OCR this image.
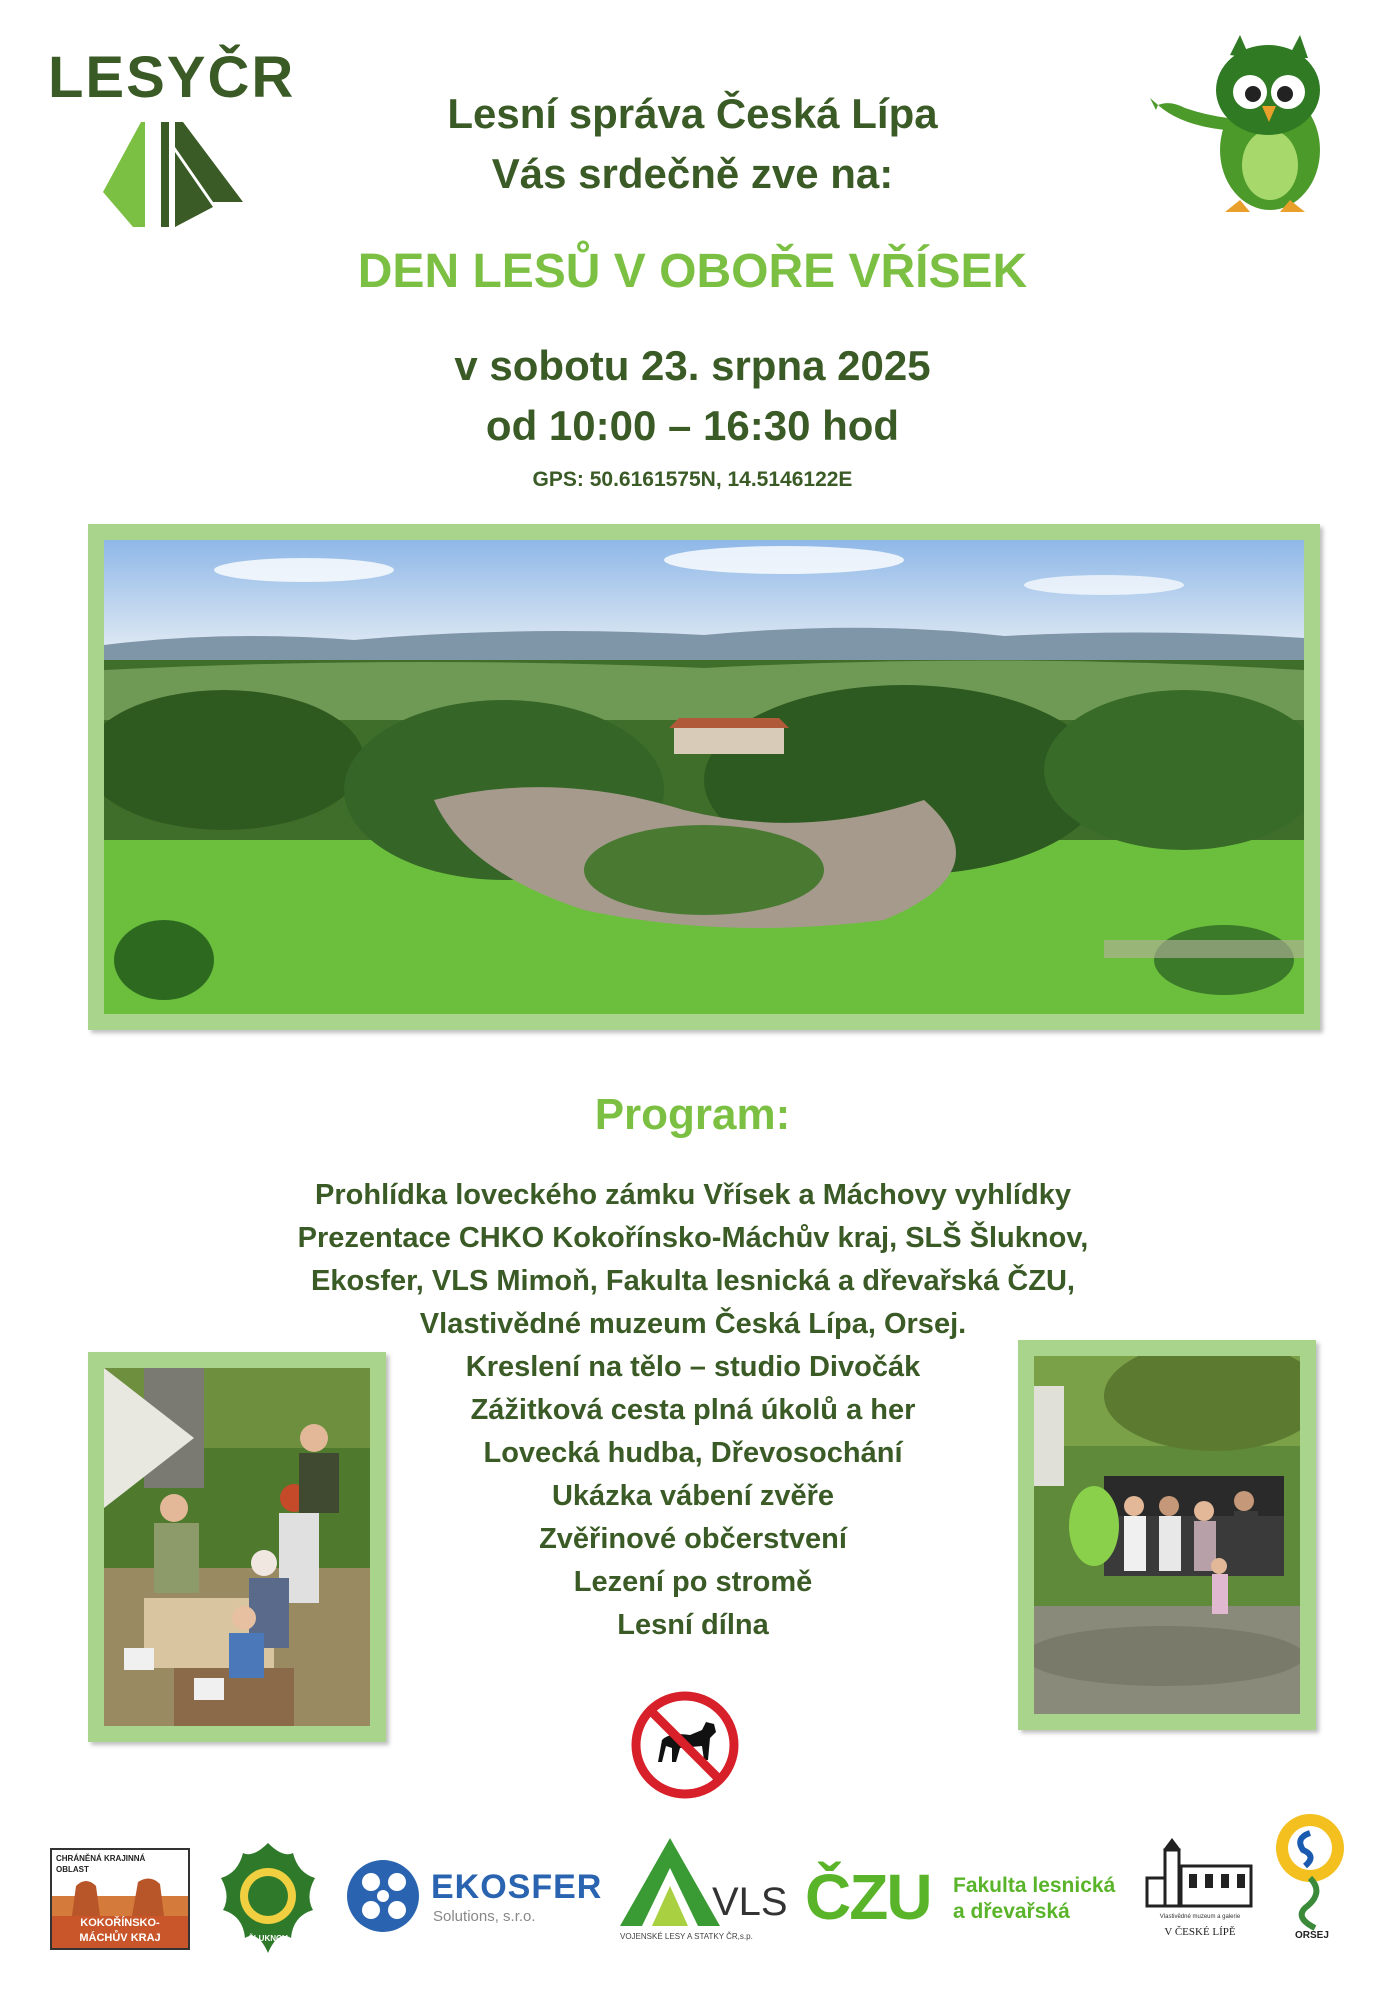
LESYČR
Lesní správa Česká Lípa
Vás srdečně zve na:
DEN LESŮ V OBOŘE VŘÍSEK
v sobotu 23. srpna 2025
od 10:00 – 16:30 hod
GPS: 50.6161575N, 14.5146122E
Program:
Prohlídka loveckého zámku Vřísek a Máchovy vyhlídky
Prezentace CHKO Kokořínsko-Máchův kraj, SLŠ Šluknov,
Ekosfer, VLS Mimoň, Fakulta lesnická a dřevařská ČZU,
Vlastivědné muzeum Česká Lípa, Orsej.
Kreslení na tělo – studio Divočák
Zážitková cesta plná úkolů a her
Lovecká hudba, Dřevosochání
Ukázka vábení zvěře
Zvěřinové občerstvení
Lezení po stromě
Lesní dílna
CHRÁNĚNÁ KRAJINNÁ
OBLAST
KOKOŘÍNSKO-
MÁCHŮV KRAJ	ŠLUKNOV
EKOSFER
Solutions, s.r.o.	VLS
VOJENSKÉ LESY A STATKY ČR,s.p.
ČZU Fakulta lesnická
a dřevařská	Vlastivědné muzeum a galerie
V ČESKÉ LÍPĚ	ORSEJ
